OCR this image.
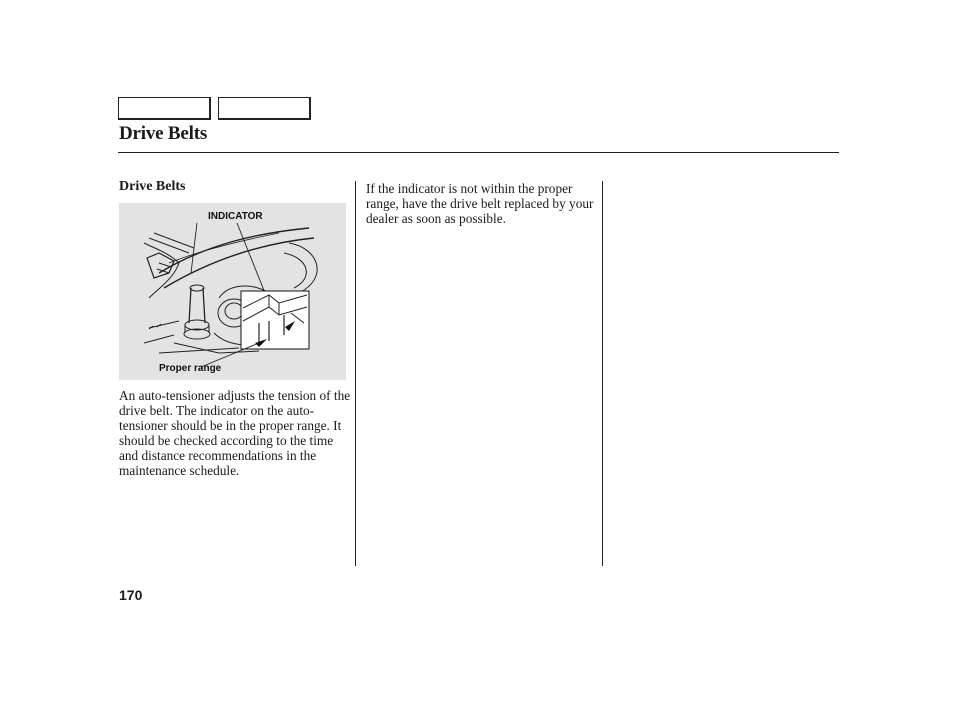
Drive Belts
Drive Belts
INDICATOR
Proper range

An auto-tensioner adjusts the tension of the drive belt. The indicator on the auto-tensioner should be in the proper range. It should be checked according to the time and distance recommendations in the maintenance schedule.

If the indicator is not within the proper range, have the drive belt replaced by your dealer as soon as possible.

170
